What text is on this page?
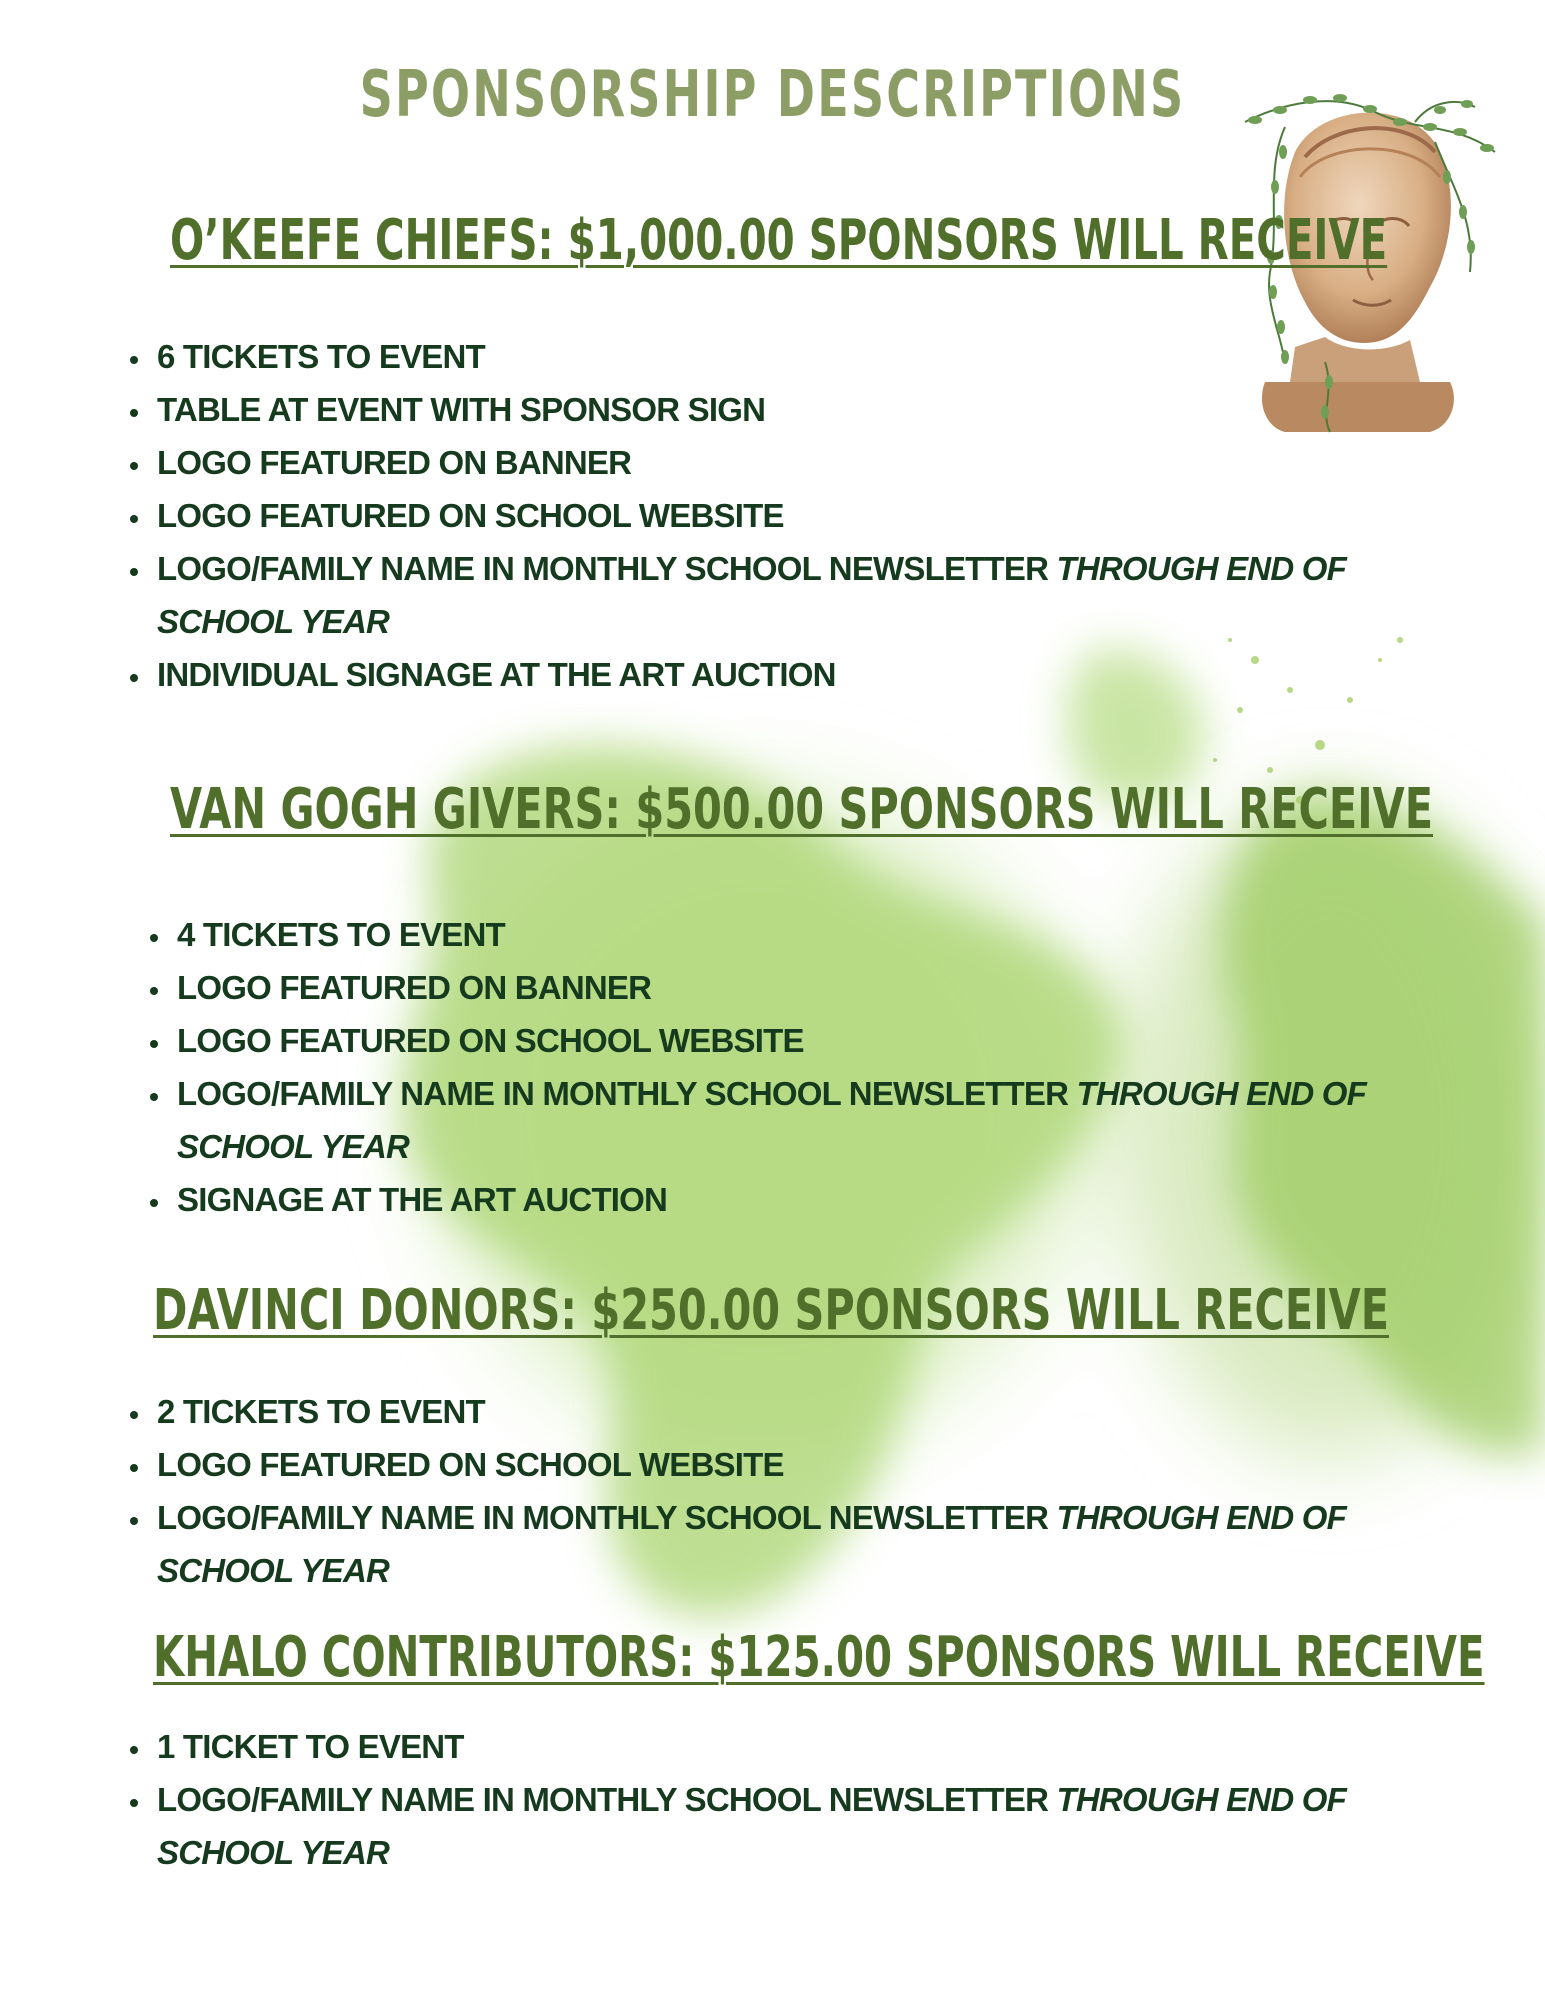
SPONSORSHIP DESCRIPTIONS
O’KEEFE CHIEFS: $1,000.00 SPONSORS WILL RECEIVE
• 6 TICKETS TO EVENT
• TABLE AT EVENT WITH SPONSOR SIGN
• LOGO FEATURED ON BANNER
• LOGO FEATURED ON SCHOOL WEBSITE
• LOGO/FAMILY NAME IN MONTHLY SCHOOL NEWSLETTER THROUGH END OF SCHOOL YEAR
• INDIVIDUAL SIGNAGE AT THE ART AUCTION
VAN GOGH GIVERS: $500.00 SPONSORS WILL RECEIVE
• 4 TICKETS TO EVENT
• LOGO FEATURED ON BANNER
• LOGO FEATURED ON SCHOOL WEBSITE
• LOGO/FAMILY NAME IN MONTHLY SCHOOL NEWSLETTER THROUGH END OF SCHOOL YEAR
• SIGNAGE AT THE ART AUCTION
DAVINCI DONORS: $250.00 SPONSORS WILL RECEIVE
• 2 TICKETS TO EVENT
• LOGO FEATURED ON SCHOOL WEBSITE
• LOGO/FAMILY NAME IN MONTHLY SCHOOL NEWSLETTER THROUGH END OF SCHOOL YEAR
KHALO CONTRIBUTORS: $125.00 SPONSORS WILL RECEIVE
• 1 TICKET TO EVENT
• LOGO/FAMILY NAME IN MONTHLY SCHOOL NEWSLETTER THROUGH END OF SCHOOL YEAR
